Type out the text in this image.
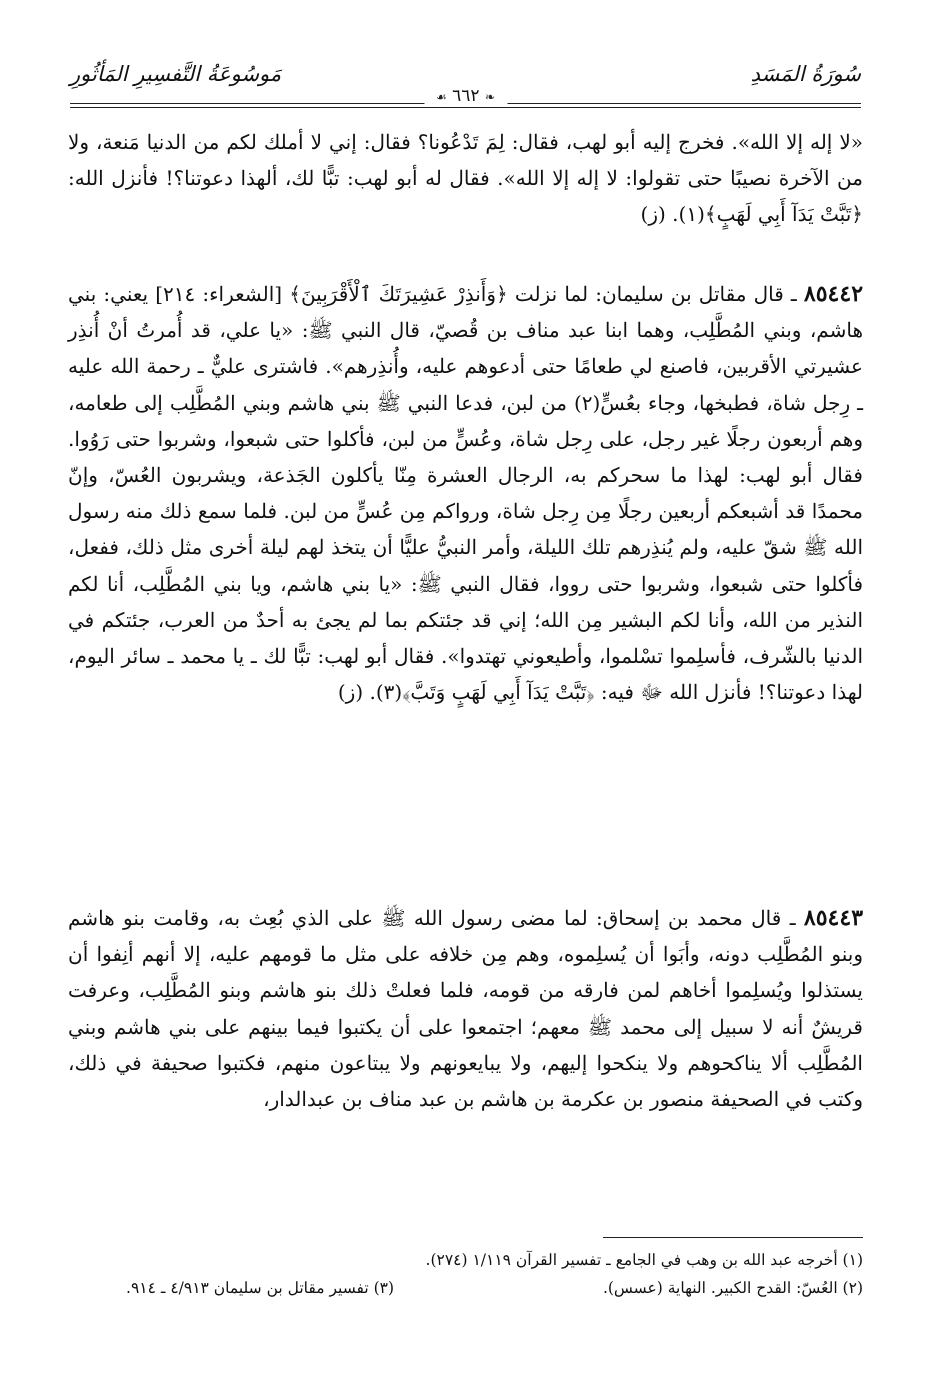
سُورَةُ المَسَدِ
مَوسُوعَةُ التَّفسِيرِ المَأثُورِ
❧ ٦٦٢ ☙

«لا إله إلا الله». فخرج إليه أبو لهب، فقال: لِمَ تَدْعُونا؟ فقال: إني لا أملك لكم من الدنيا مَنعة، ولا من الآخرة نصيبًا حتى تقولوا: لا إله إلا الله». فقال له أبو لهب: تبًّا لك، ألهذا دعوتنا؟! فأنزل الله: ﴿تَبَّتْ يَدَآ أَبِي لَهَبٍ﴾(١). (ز)

٨٥٤٤٢ ـ قال مقاتل بن سليمان: لما نزلت ﴿وَأَنذِرْ عَشِيرَتَكَ ٱلْأَقْرَبِينَ﴾ [الشعراء: ٢١٤] يعني: بني هاشم، وبني المُطَّلِب، وهما ابنا عبد مناف بن قُصيّ، قال النبي ﷺ: «يا علي، قد أُمرتُ أنْ أُنذِر عشيرتي الأقربين، فاصنع لي طعامًا حتى أدعوهم عليه، وأُنذِرهم». فاشترى عليٌّ ـ رحمة الله عليه ـ رِجل شاة، فطبخها، وجاء بعُسٍّ(٢) من لبن، فدعا النبي ﷺ بني هاشم وبني المُطَّلِب إلى طعامه، وهم أربعون رجلًا غير رجل، على رِجل شاة، وعُسٍّ من لبن، فأكلوا حتى شبعوا، وشربوا حتى رَوُوا. فقال أبو لهب: لهذا ما سحركم به، الرجال العشرة مِنّا يأكلون الجَذعة، ويشربون العُسّ، وإنّ محمدًا قد أشبعكم أربعين رجلًا مِن رِجل شاة، ورواكم مِن عُسٍّ من لبن. فلما سمع ذلك منه رسول الله ﷺ شقّ عليه، ولم يُنذِرهم تلك الليلة، وأمر النبيُّ عليًّا أن يتخذ لهم ليلة أخرى مثل ذلك، ففعل، فأكلوا حتى شبعوا، وشربوا حتى رووا، فقال النبي ﷺ: «يا بني هاشم، ويا بني المُطَّلِب، أنا لكم النذير من الله، وأنا لكم البشير مِن الله؛ إني قد جئتكم بما لم يجئ به أحدٌ من العرب، جئتكم في الدنيا بالشّرف، فأسلِموا تسْلموا، وأطيعوني تهتدوا». فقال أبو لهب: تبًّا لك ـ يا محمد ـ سائر اليوم، لهذا دعوتنا؟! فأنزل الله ﷻ فيه: ﴿تَبَّتْ يَدَآ أَبِي لَهَبٍ وَتَبَّ﴾(٣). (ز)

٨٥٤٤٣ ـ قال محمد بن إسحاق: لما مضى رسول الله ﷺ على الذي بُعِث به، وقامت بنو هاشم وبنو المُطَّلِب دونه، وأبَوا أن يُسلِموه، وهم مِن خلافه على مثل ما قومهم عليه، إلا أنهم أنِفوا أن يستذلوا ويُسلِموا أخاهم لمن فارقه من قومه، فلما فعلتْ ذلك بنو هاشم وبنو المُطَّلِب، وعرفت قريشٌ أنه لا سبيل إلى محمد ﷺ معهم؛ اجتمعوا على أن يكتبوا فيما بينهم على بني هاشم وبني المُطَّلِب ألا يناكحوهم ولا ينكحوا إليهم، ولا يبايعونهم ولا يبتاعون منهم، فكتبوا صحيفة في ذلك، وكتب في الصحيفة منصور بن عكرمة بن هاشم بن عبد مناف بن عبدالدار،

(١) أخرجه عبد الله بن وهب في الجامع ـ تفسير القرآن ١/١١٩ (٢٧٤).

(٢) العُسّ: القدح الكبير. النهاية (عسس).
(٣) تفسير مقاتل بن سليمان ٤/٩١٣ ـ ٩١٤.
